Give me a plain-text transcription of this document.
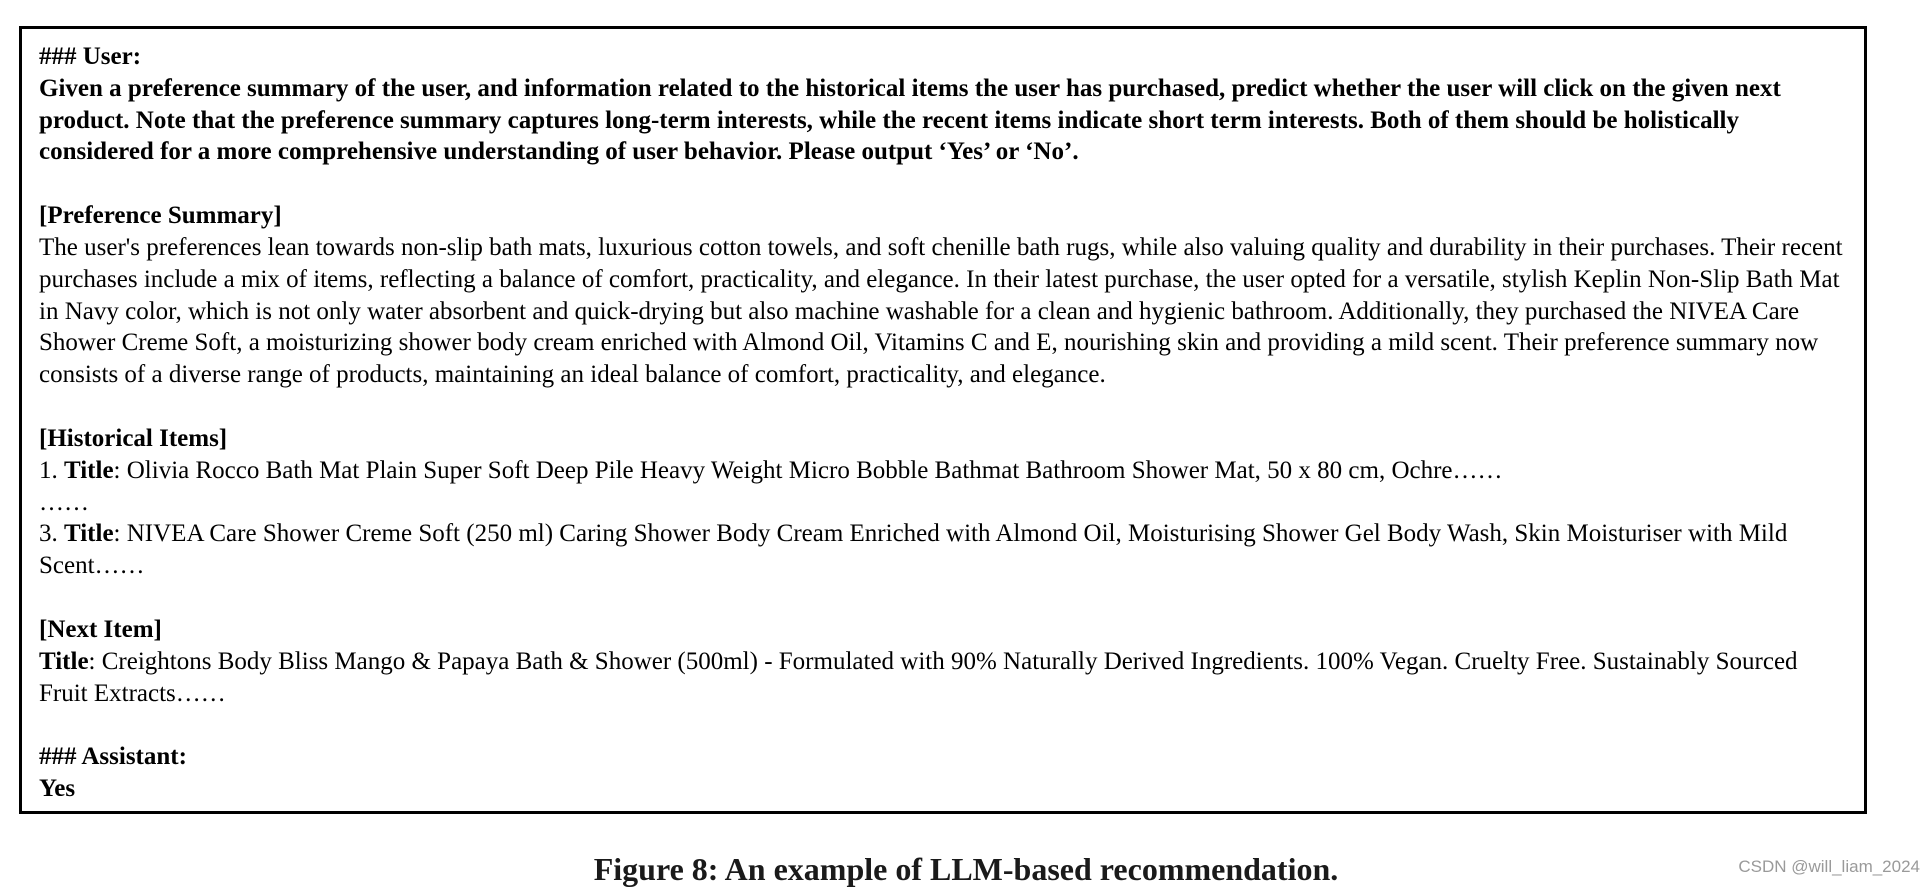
### User:

Given a preference summary of the user, and information related to the historical items the user has purchased, predict whether the user will click on the given next product. Note that the preference summary captures long-term interests, while the recent items indicate short term interests. Both of them should be holistically considered for a more comprehensive understanding of user behavior. Please output ‘Yes’ or ‘No’.

[Preference Summary]

The user's preferences lean towards non-slip bath mats, luxurious cotton towels, and soft chenille bath rugs, while also valuing quality and durability in their purchases. Their recent purchases include a mix of items, reflecting a balance of comfort, practicality, and elegance. In their latest purchase, the user opted for a versatile, stylish Keplin Non-Slip Bath Mat in Navy color, which is not only water absorbent and quick-drying but also machine washable for a clean and hygienic bathroom. Additionally, they purchased the NIVEA Care Shower Creme Soft, a moisturizing shower body cream enriched with Almond Oil, Vitamins C and E, nourishing skin and providing a mild scent. Their preference summary now consists of a diverse range of products, maintaining an ideal balance of comfort, practicality, and elegance.

[Historical Items]

1. Title: Olivia Rocco Bath Mat Plain Super Soft Deep Pile Heavy Weight Micro Bobble Bathmat Bathroom Shower Mat, 50 x 80 cm, Ochre……

……

3. Title: NIVEA Care Shower Creme Soft (250 ml) Caring Shower Body Cream Enriched with Almond Oil, Moisturising Shower Gel Body Wash, Skin Moisturiser with Mild Scent……

[Next Item]

Title: Creightons Body Bliss Mango & Papaya Bath & Shower (500ml) - Formulated with 90% Naturally Derived Ingredients. 100% Vegan. Cruelty Free. Sustainably Sourced Fruit Extracts……

### Assistant:

Yes

Figure 8: An example of LLM-based recommendation.	CSDN @will_liam_2024
